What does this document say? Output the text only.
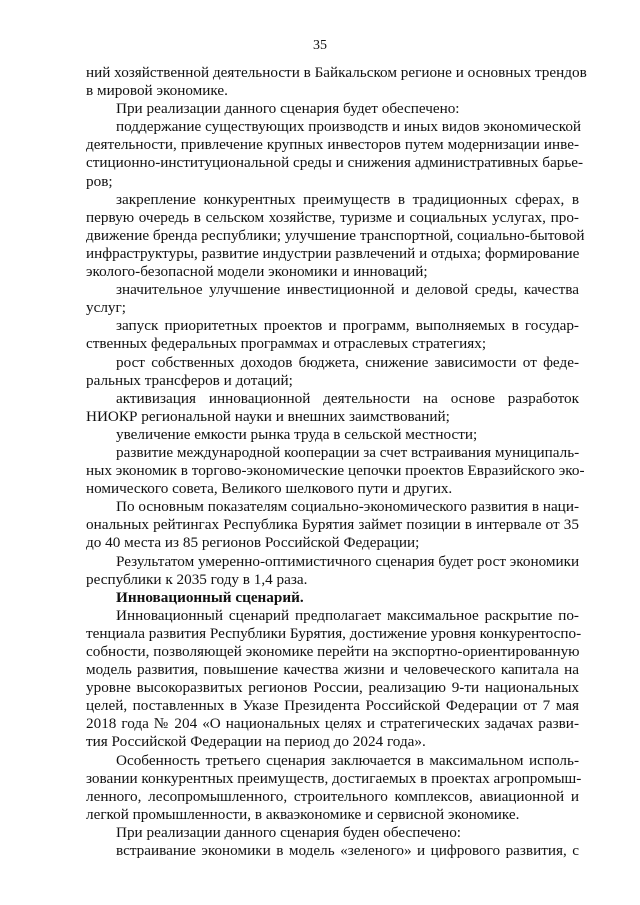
35
ний хозяйственной деятельности в Байкальском регионе и основных трендов
в мировой экономике.
При реализации данного сценария будет обеспечено:
поддержание существующих производств и иных видов экономической
деятельности, привлечение крупных инвесторов путем модернизации инве-
стиционно-институциональной среды и снижения административных барье-
ров;
закрепление конкурентных преимуществ в традиционных сферах, в
первую очередь в сельском хозяйстве, туризме и социальных услугах, про-
движение бренда республики; улучшение транспортной, социально-бытовой
инфраструктуры, развитие индустрии развлечений и отдыха; формирование
эколого-безопасной модели экономики и инноваций;
значительное улучшение инвестиционной и деловой среды, качества
услуг;
запуск приоритетных проектов и программ, выполняемых в государ-
ственных федеральных программах и отраслевых стратегиях;
рост собственных доходов бюджета, снижение зависимости от феде-
ральных трансферов и дотаций;
активизация инновационной деятельности на основе разработок
НИОКР региональной науки и внешних заимствований;
увеличение емкости рынка труда в сельской местности;
развитие международной кооперации за счет встраивания муниципаль-
ных экономик в торгово-экономические цепочки проектов Евразийского эко-
номического совета, Великого шелкового пути и других.
По основным показателям социально-экономического развития в наци-
ональных рейтингах Республика Бурятия займет позиции в интервале от 35
до 40 места из 85 регионов Российской Федерации;
Результатом умеренно-оптимистичного сценария будет рост экономики
республики к 2035 году в 1,4 раза.
Инновационный сценарий.
Инновационный сценарий предполагает максимальное раскрытие по-
тенциала развития Республики Бурятия, достижение уровня конкурентоспо-
собности, позволяющей экономике перейти на экспортно-ориентированную
модель развития, повышение качества жизни и человеческого капитала на
уровне высокоразвитых регионов России, реализацию 9-ти национальных
целей, поставленных в Указе Президента Российской Федерации от 7 мая
2018 года № 204 «О национальных целях и стратегических задачах разви-
тия Российской Федерации на период до 2024 года».
Особенность третьего сценария заключается в максимальном исполь-
зовании конкурентных преимуществ, достигаемых в проектах агропромыш-
ленного, лесопромышленного, строительного комплексов, авиационной и
легкой промышленности, в акваэкономике и сервисной экономике.
При реализации данного сценария буден обеспечено:
встраивание экономики в модель «зеленого» и цифрового развития, с
